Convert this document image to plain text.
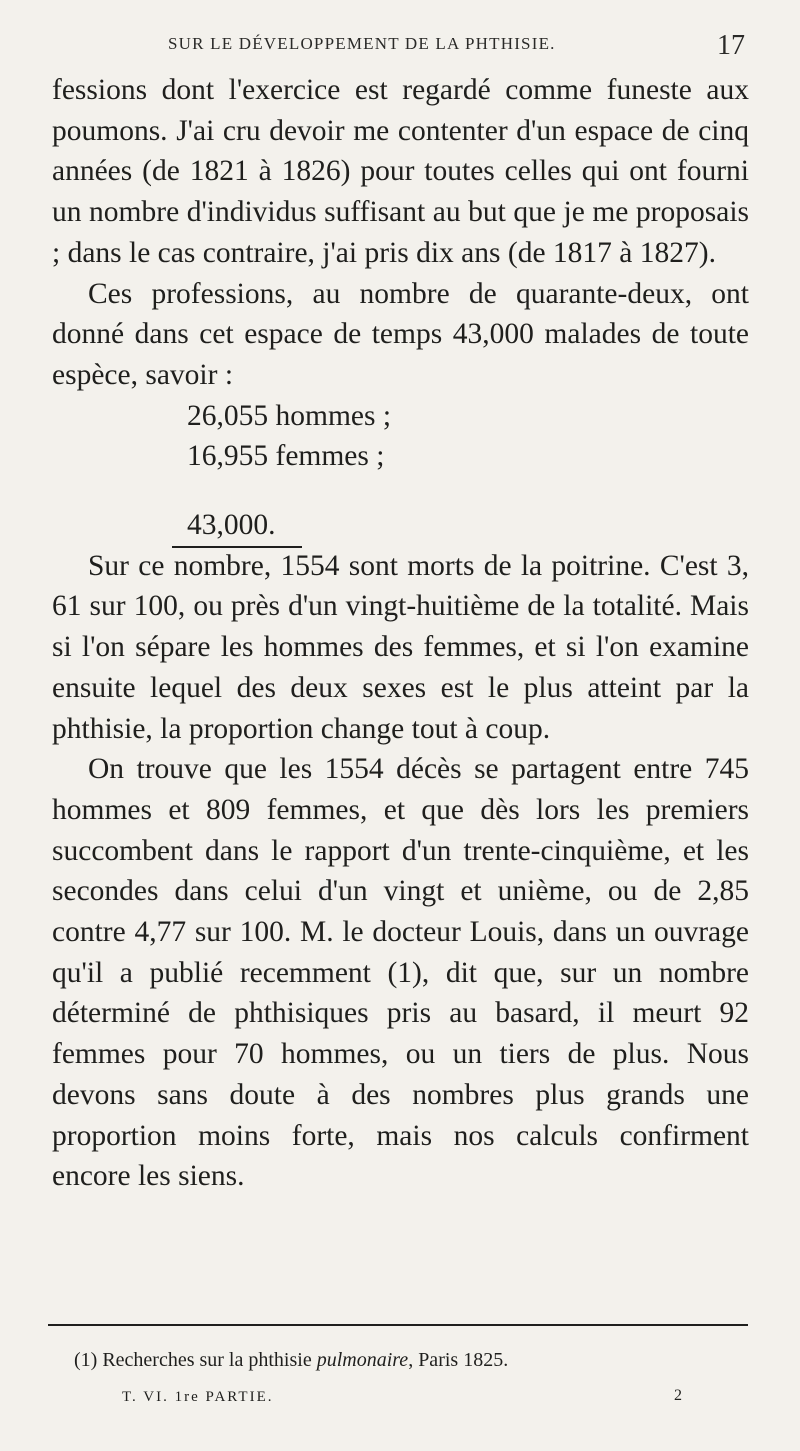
SUR LE DÉVELOPPEMENT DE LA PHTHISIE.	17

fessions dont l'exercice est regardé comme funeste aux poumons. J'ai cru devoir me contenter d'un espace de cinq années (de 1821 à 1826) pour toutes celles qui ont fourni un nombre d'individus suffisant au but que je me proposais ; dans le cas contraire, j'ai pris dix ans (de 1817 à 1827).

Ces professions, au nombre de quarante-deux, ont donné dans cet espace de temps 43,000 malades de toute espèce, savoir :

26,055 hommes ;
16,955 femmes ;
43,000.

Sur ce nombre, 1554 sont morts de la poitrine. C'est 3, 61 sur 100, ou près d'un vingt-huitième de la totalité. Mais si l'on sépare les hommes des femmes, et si l'on examine ensuite lequel des deux sexes est le plus atteint par la phthisie, la proportion change tout à coup.

On trouve que les 1554 décès se partagent entre 745 hommes et 809 femmes, et que dès lors les premiers succombent dans le rapport d'un trente-cinquième, et les secondes dans celui d'un vingt et unième, ou de 2,85 contre 4,77 sur 100. M. le docteur Louis, dans un ouvrage qu'il a publié recemment (1), dit que, sur un nombre déterminé de phthisiques pris au basard, il meurt 92 femmes pour 70 hommes, ou un tiers de plus. Nous devons sans doute à des nombres plus grands une proportion moins forte, mais nos calculs confirment encore les siens.

(1) Recherches sur la phthisie pulmonaire, Paris 1825.
T. VI. 1re PARTIE.	2
